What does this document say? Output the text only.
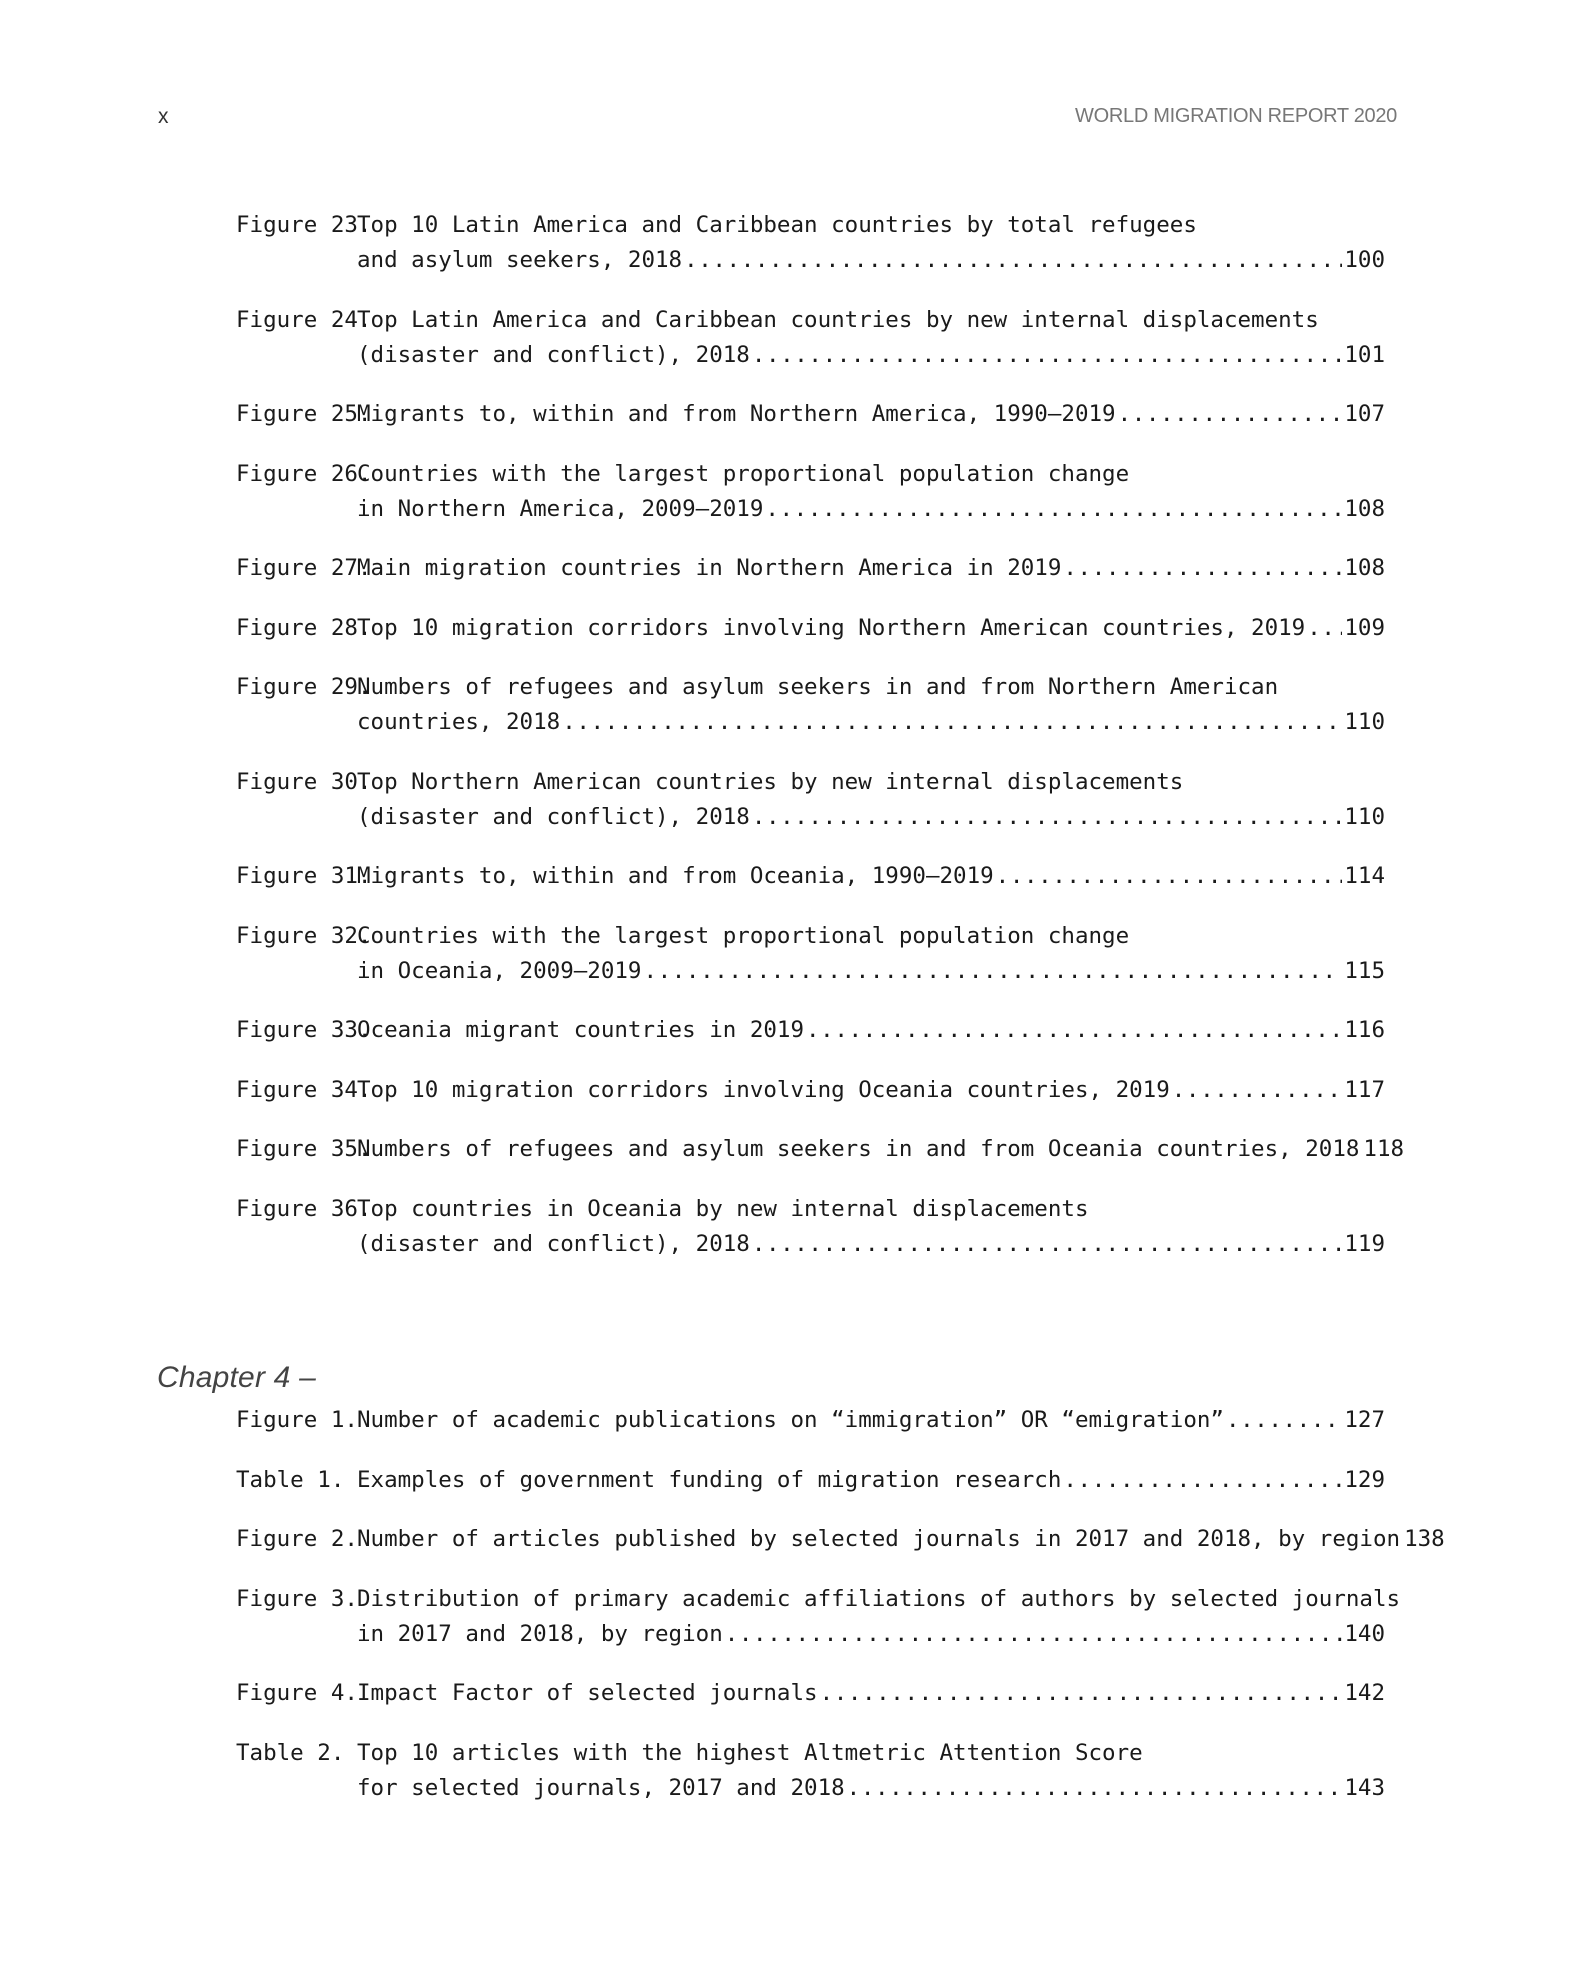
x	WORLD MIGRATION REPORT 2020
Figure 23.
Top 10 Latin America and Caribbean countries by total refugees
and asylum seekers, 2018 .....	100
Figure 24.
Top Latin America and Caribbean countries by new internal displacements
(disaster and conflict), 2018 .....	101
Figure 25.
Migrants to, within and from Northern America, 1990–2019 .....	107
Figure 26.
Countries with the largest proportional population change
in Northern America, 2009–2019 .....	108
Figure 27.
Main migration countries in Northern America in 2019 .....	108
Figure 28.
Top 10 migration corridors involving Northern American countries, 2019 ..... 109
Figure 29.
Numbers of refugees and asylum seekers in and from Northern American
countries, 2018 .....	110
Figure 30.
Top Northern American countries by new internal displacements
(disaster and conflict), 2018 .....	110
Figure 31.
Migrants to, within and from Oceania, 1990–2019 .....	114
Figure 32.
Countries with the largest proportional population change
in Oceania, 2009–2019 .....	115
Figure 33.
Oceania migrant countries in 2019 .....	116
Figure 34.
Top 10 migration corridors involving Oceania countries, 2019 .....	117
Figure 35.
Numbers of refugees and asylum seekers in and from Oceania countries, 2018 118
Figure 36.
Top countries in Oceania by new internal displacements
(disaster and conflict), 2018 .....	119
Chapter 4 –
Figure 1. Number of academic publications on “immigration” OR “emigration” .....	127
Table 1. Examples of government funding of migration research .....	129
Figure 2. Number of articles published by selected journals in 2017 and 2018, by region 138
Figure 3. Distribution of primary academic affiliations of authors by selected journals
in 2017 and 2018, by region .....	140
Figure 4. Impact Factor of selected journals .....	142
Table 2. Top 10 articles with the highest Altmetric Attention Score
for selected journals, 2017 and 2018 .....	143
